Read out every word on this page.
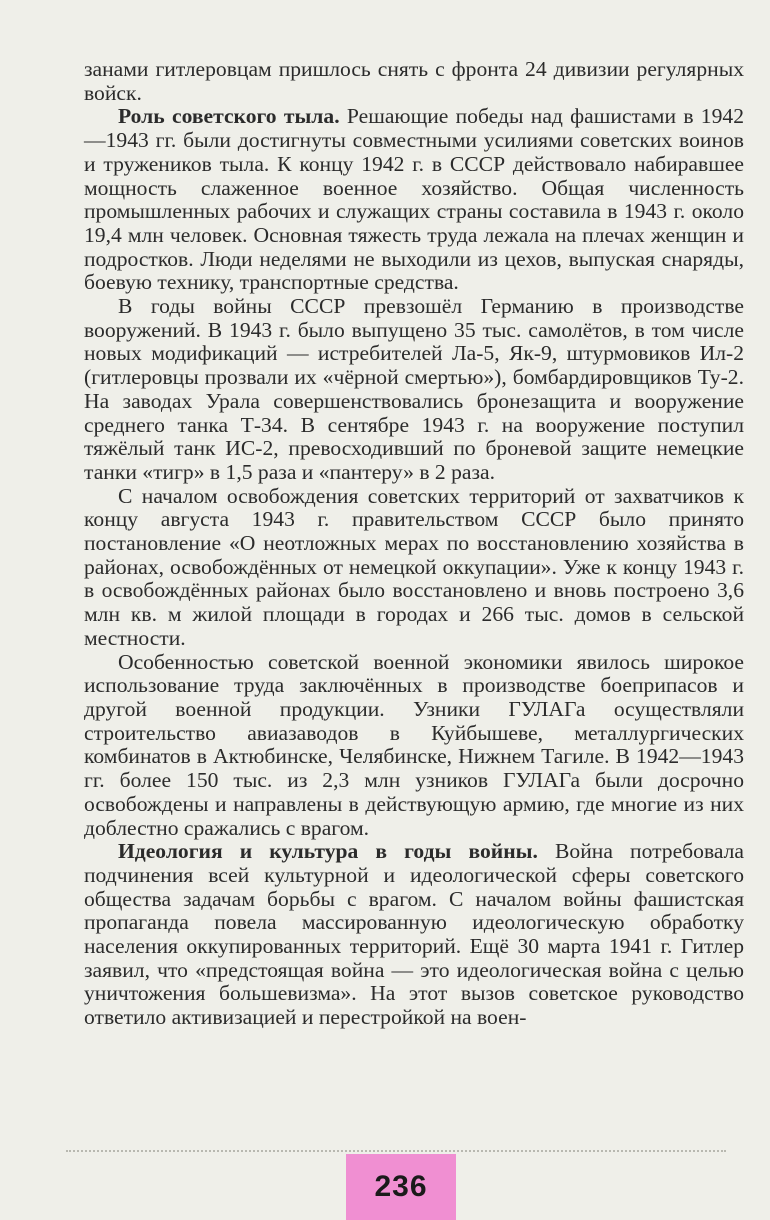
занами гитлеровцам пришлось снять с фронта 24 дивизии регулярных войск.

Роль советского тыла. Решающие победы над фашистами в 1942—1943 гг. были достигнуты совместными усилиями советских воинов и тружеников тыла. К концу 1942 г. в СССР действовало набиравшее мощность слаженное военное хозяйство. Общая численность промышленных рабочих и служащих страны составила в 1943 г. около 19,4 млн человек. Основная тяжесть труда лежала на плечах женщин и подростков. Люди неделями не выходили из цехов, выпуская снаряды, боевую технику, транспортные средства.

В годы войны СССР превзошёл Германию в производстве вооружений. В 1943 г. было выпущено 35 тыс. самолётов, в том числе новых модификаций — истребителей Ла-5, Як-9, штурмовиков Ил-2 (гитлеровцы прозвали их «чёрной смертью»), бомбардировщиков Ту-2. На заводах Урала совершенствовались бронезащита и вооружение среднего танка Т-34. В сентябре 1943 г. на вооружение поступил тяжёлый танк ИС-2, превосходивший по броневой защите немецкие танки «тигр» в 1,5 раза и «пантеру» в 2 раза.

С началом освобождения советских территорий от захватчиков к концу августа 1943 г. правительством СССР было принято постановление «О неотложных мерах по восстановлению хозяйства в районах, освобождённых от немецкой оккупации». Уже к концу 1943 г. в освобождённых районах было восстановлено и вновь построено 3,6 млн кв. м жилой площади в городах и 266 тыс. домов в сельской местности.

Особенностью советской военной экономики явилось широкое использование труда заключённых в производстве боеприпасов и другой военной продукции. Узники ГУЛАГа осуществляли строительство авиазаводов в Куйбышеве, металлургических комбинатов в Актюбинске, Челябинске, Нижнем Тагиле. В 1942—1943 гг. более 150 тыс. из 2,3 млн узников ГУЛАГа были досрочно освобождены и направлены в действующую армию, где многие из них доблестно сражались с врагом.

Идеология и культура в годы войны. Война потребовала подчинения всей культурной и идеологической сферы советского общества задачам борьбы с врагом. С началом войны фашистская пропаганда повела массированную идеологическую обработку населения оккупированных территорий. Ещё 30 марта 1941 г. Гитлер заявил, что «предстоящая война — это идеологическая война с целью уничтожения большевизма». На этот вызов советское руководство ответило активизацией и перестройкой на воен-

236
